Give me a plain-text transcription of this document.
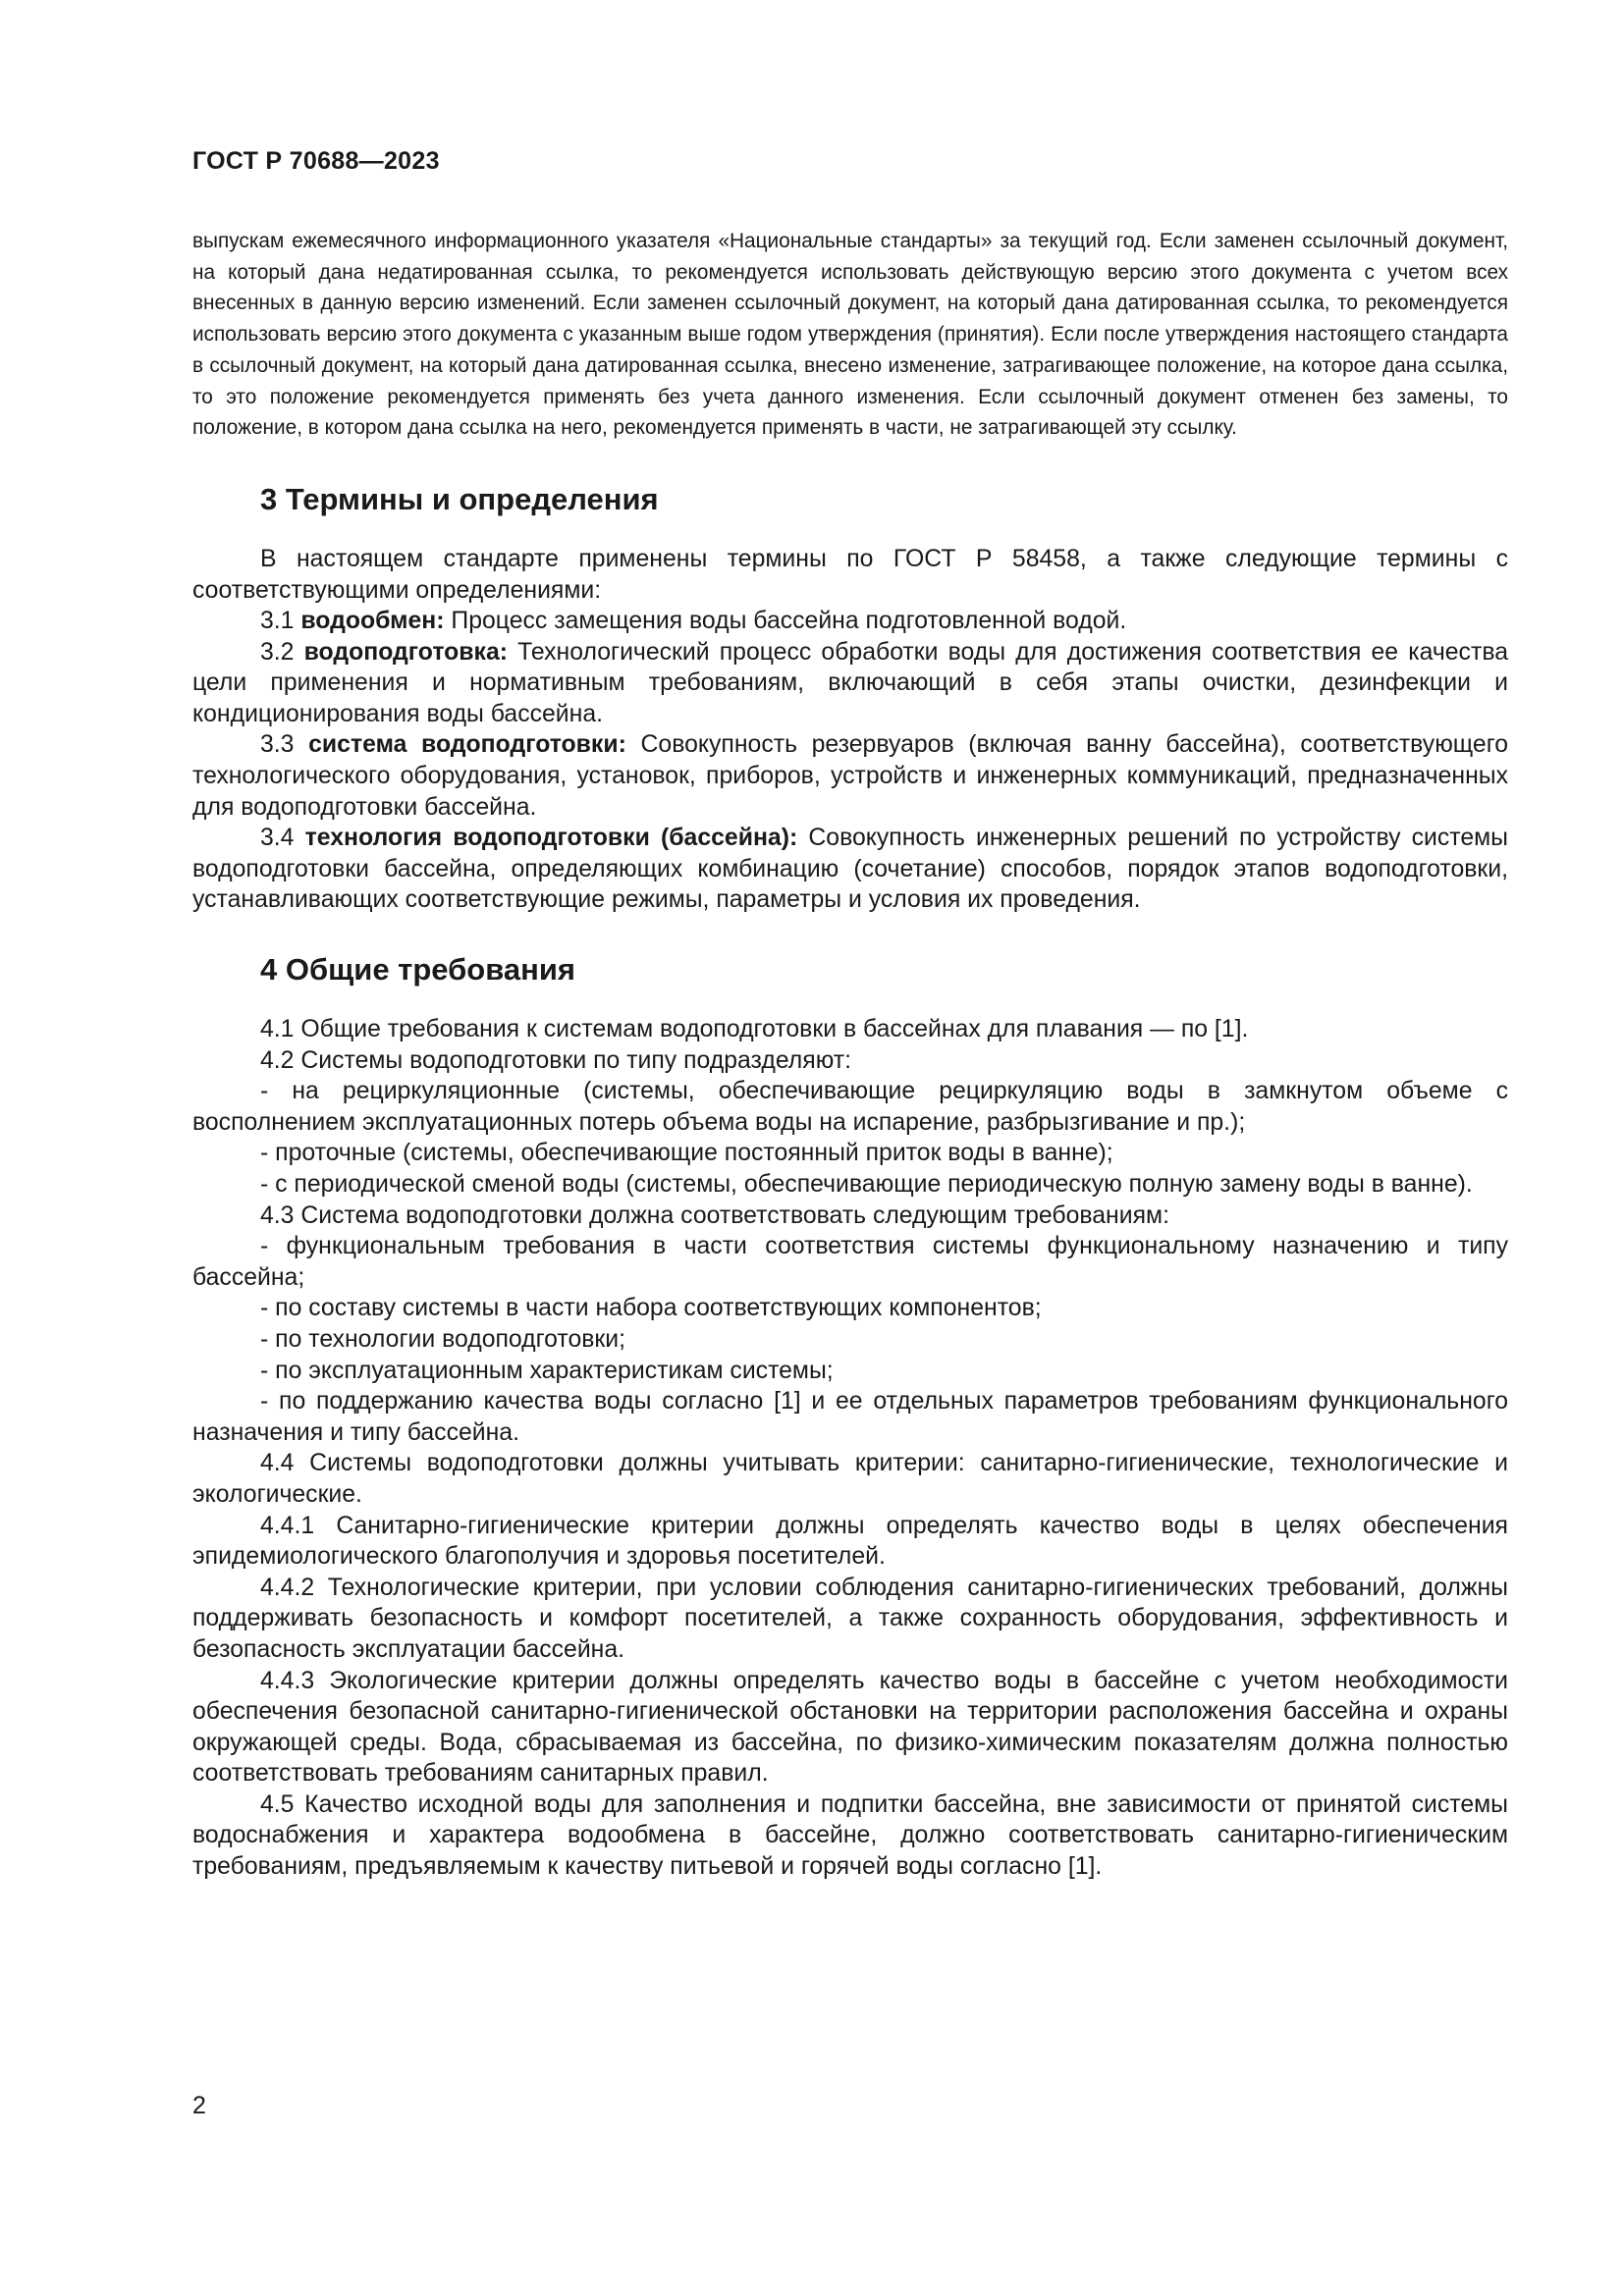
ГОСТ Р 70688—2023

выпускам ежемесячного информационного указателя «Национальные стандарты» за текущий год. Если заменен ссылочный документ, на который дана недатированная ссылка, то рекомендуется использовать действующую версию этого документа с учетом всех внесенных в данную версию изменений. Если заменен ссылочный документ, на который дана датированная ссылка, то рекомендуется использовать версию этого документа с указанным выше годом утверждения (принятия). Если после утверждения настоящего стандарта в ссылочный документ, на который дана датированная ссылка, внесено изменение, затрагивающее положение, на которое дана ссылка, то это положение рекомендуется применять без учета данного изменения. Если ссылочный документ отменен без замены, то положение, в котором дана ссылка на него, рекомендуется применять в части, не затрагивающей эту ссылку.

3 Термины и определения

В настоящем стандарте применены термины по ГОСТ Р 58458, а также следующие термины с соответствующими определениями:

3.1 водообмен: Процесс замещения воды бассейна подготовленной водой.

3.2 водоподготовка: Технологический процесс обработки воды для достижения соответствия ее качества цели применения и нормативным требованиям, включающий в себя этапы очистки, дезинфекции и кондиционирования воды бассейна.

3.3 система водоподготовки: Совокупность резервуаров (включая ванну бассейна), соответствующего технологического оборудования, установок, приборов, устройств и инженерных коммуникаций, предназначенных для водоподготовки бассейна.

3.4 технология водоподготовки (бассейна): Совокупность инженерных решений по устройству системы водоподготовки бассейна, определяющих комбинацию (сочетание) способов, порядок этапов водоподготовки, устанавливающих соответствующие режимы, параметры и условия их проведения.

4 Общие требования

4.1 Общие требования к системам водоподготовки в бассейнах для плавания — по [1].

4.2 Системы водоподготовки по типу подразделяют:

- на рециркуляционные (системы, обеспечивающие рециркуляцию воды в замкнутом объеме с восполнением эксплуатационных потерь объема воды на испарение, разбрызгивание и пр.);

- проточные (системы, обеспечивающие постоянный приток воды в ванне);

- с периодической сменой воды (системы, обеспечивающие периодическую полную замену воды в ванне).

4.3 Система водоподготовки должна соответствовать следующим требованиям:

- функциональным требования в части соответствия системы функциональному назначению и типу бассейна;

- по составу системы в части набора соответствующих компонентов;

- по технологии водоподготовки;

- по эксплуатационным характеристикам системы;

- по поддержанию качества воды согласно [1] и ее отдельных параметров требованиям функционального назначения и типу бассейна.

4.4 Системы водоподготовки должны учитывать критерии: санитарно-гигиенические, технологические и экологические.

4.4.1 Санитарно-гигиенические критерии должны определять качество воды в целях обеспечения эпидемиологического благополучия и здоровья посетителей.

4.4.2 Технологические критерии, при условии соблюдения санитарно-гигиенических требований, должны поддерживать безопасность и комфорт посетителей, а также сохранность оборудования, эффективность и безопасность эксплуатации бассейна.

4.4.3 Экологические критерии должны определять качество воды в бассейне с учетом необходимости обеспечения безопасной санитарно-гигиенической обстановки на территории расположения бассейна и охраны окружающей среды. Вода, сбрасываемая из бассейна, по физико-химическим показателям должна полностью соответствовать требованиям санитарных правил.

4.5 Качество исходной воды для заполнения и подпитки бассейна, вне зависимости от принятой системы водоснабжения и характера водообмена в бассейне, должно соответствовать санитарно-гигиеническим требованиям, предъявляемым к качеству питьевой и горячей воды согласно [1].

2
